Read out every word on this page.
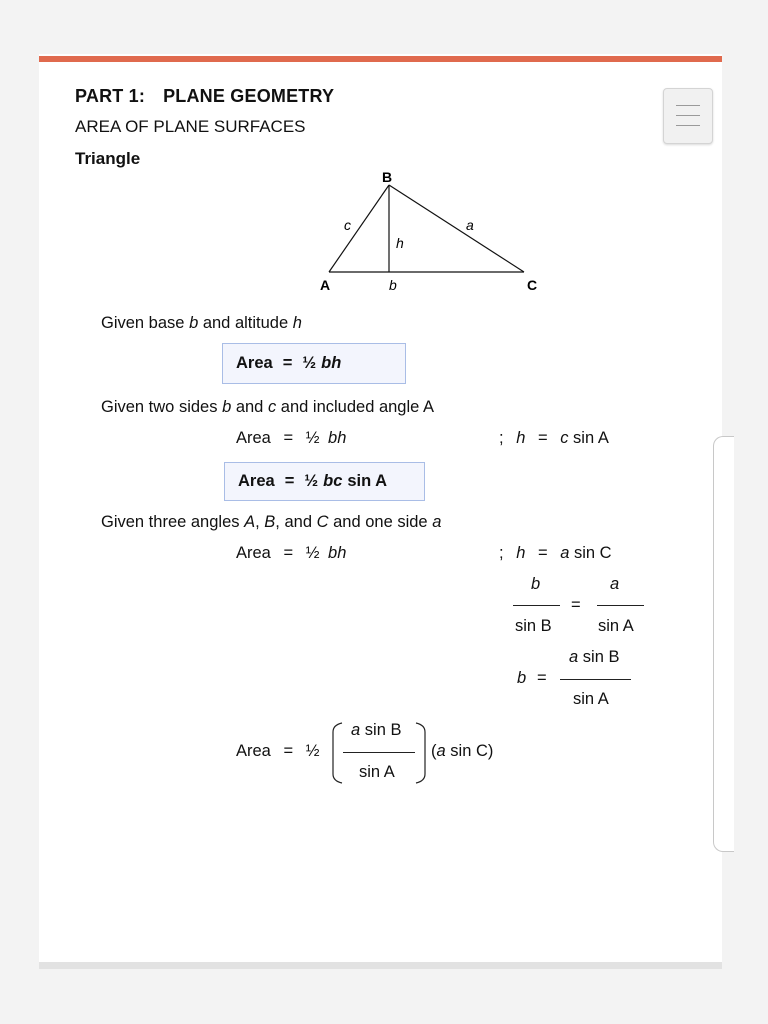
PART 1: PLANE GEOMETRY
AREA OF PLANE SURFACES
Triangle
B
A	C
c	a
h
b
Given base b and altitude h
Area = ½ bh
Given two sides b and c and included angle A
Area = ½ bh	; h = c sin A
Area = ½ bc sin A
Given three angles A, B, and C and one side a
Area = ½ bh	; h = a sin C
b
sin B
=
a
sin A
b =
a sin B
sin A
Area = ½
a sin B
sin A
(a sin C)
